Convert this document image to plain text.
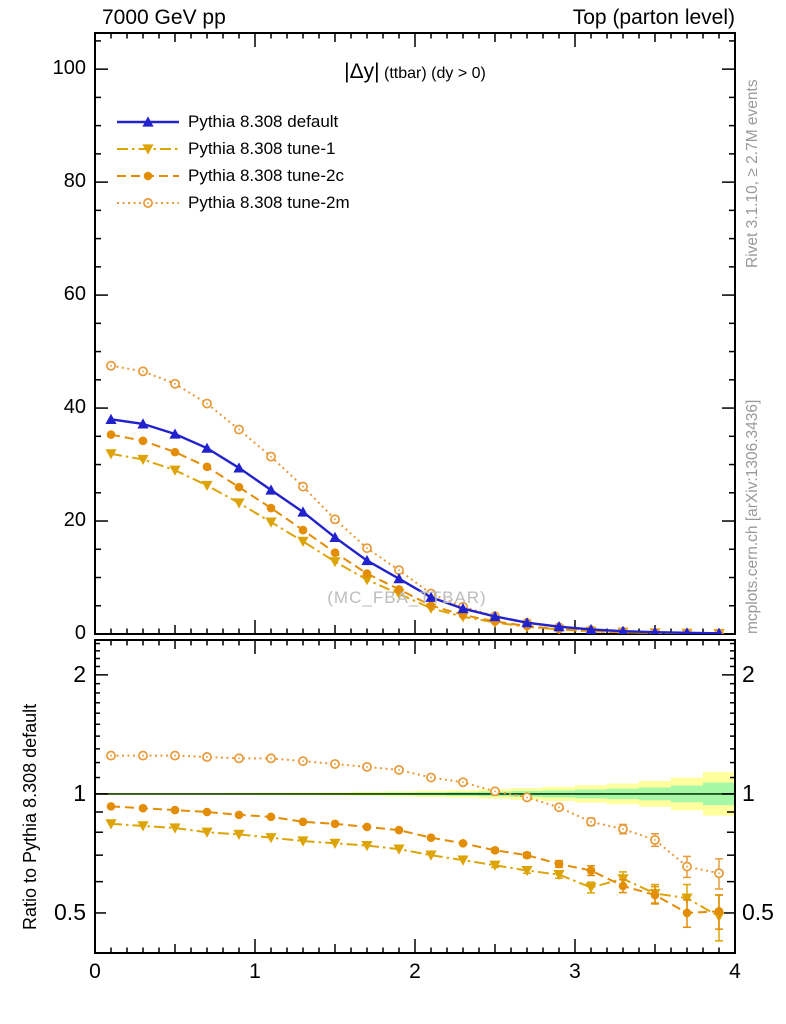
7000 GeV pp	Top (parton level)
|Δy| (ttbar) (dy > 0)
Pythia 8.308 default
Pythia 8.308 tune-1
Pythia 8.308 tune-2c
Pythia 8.308 tune-2m
(MC_FBA_TTBAR)
Rivet 3.1.10, ≥ 2.7M events
mcplots.cern.ch [arXiv:1306.3436]
Ratio to Pythia 8.308 default
0
20
40
60
80
100
0.5	0.5
1	1
2	2
0	1	2	3	4
